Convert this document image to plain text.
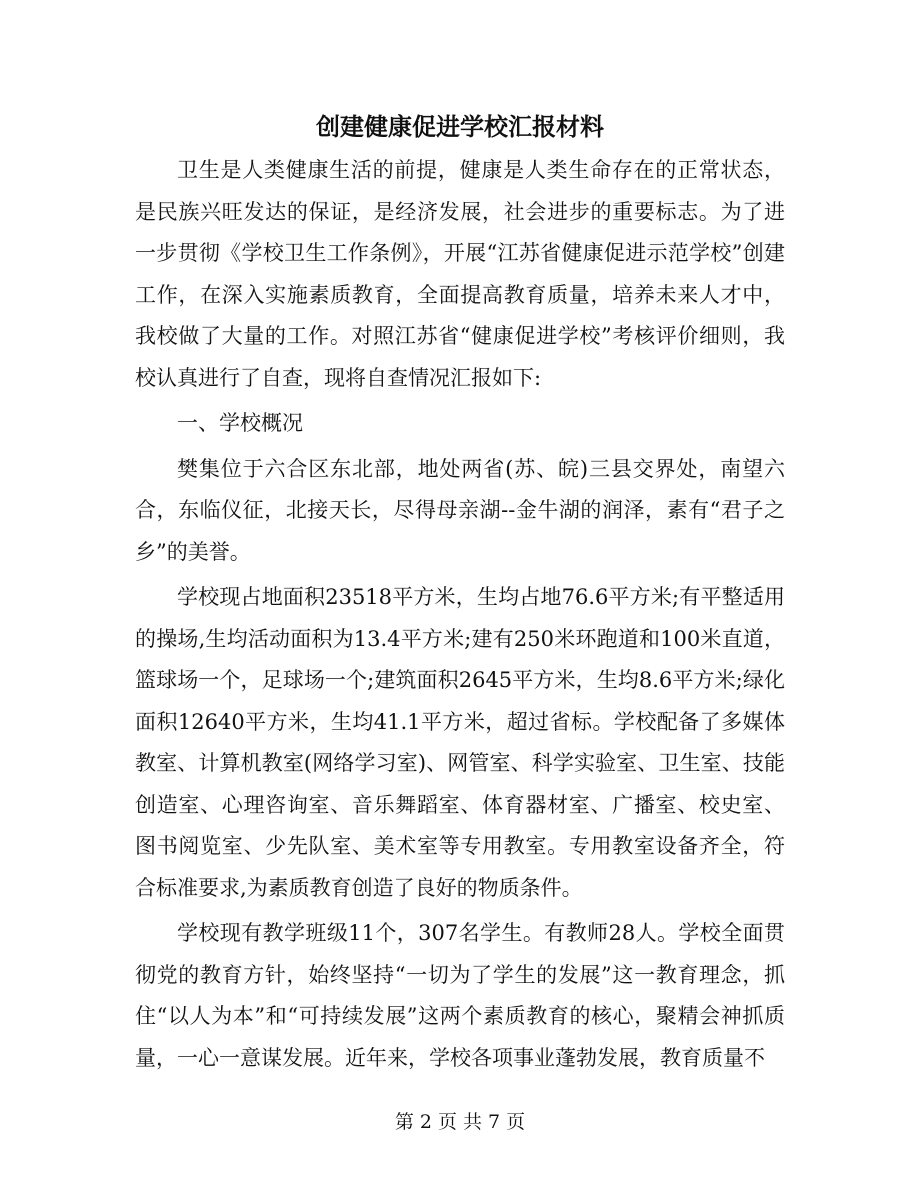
创建健康促进学校汇报材料

卫生是人类健康生活的前提，健康是人类生命存在的正常状态，是民族兴旺发达的保证，是经济发展，社会进步的重要标志。为了进一步贯彻《学校卫生工作条例》，开展“江苏省健康促进示范学校”创建工作，在深入实施素质教育，全面提高教育质量，培养未来人才中，我校做了大量的工作。对照江苏省“健康促进学校”考核评价细则，我校认真进行了自查，现将自查情况汇报如下:

一、学校概况

樊集位于六合区东北部，地处两省(苏、皖)三县交界处，南望六合，东临仪征，北接天长，尽得母亲湖--金牛湖的润泽，素有“君子之乡”的美誉。

学校现占地面积23518平方米，生均占地76.6平方米;有平整适用的操场,生均活动面积为13.4平方米;建有250米环跑道和100米直道，篮球场一个，足球场一个;建筑面积2645平方米，生均8.6平方米;绿化面积12640平方米，生均41.1平方米，超过省标。学校配备了多媒体教室、计算机教室(网络学习室)、网管室、科学实验室、卫生室、技能创造室、心理咨询室、音乐舞蹈室、体育器材室、广播室、校史室、图书阅览室、少先队室、美术室等专用教室。专用教室设备齐全，符合标准要求,为素质教育创造了良好的物质条件。

学校现有教学班级11个，307名学生。有教师28人。学校全面贯彻党的教育方针，始终坚持“一切为了学生的发展”这一教育理念，抓住“以人为本”和“可持续发展”这两个素质教育的核心，聚精会神抓质量，一心一意谋发展。近年来，学校各项事业蓬勃发展，教育质量不

第 2 页 共 7 页
